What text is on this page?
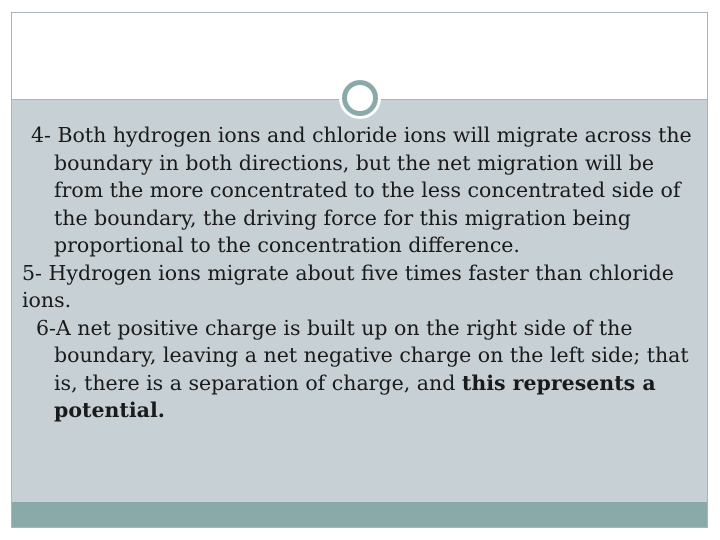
4- Both hydrogen ions and chloride ions will migrate across the boundary in both directions, but the net migration will be from the more concentrated to the less concentrated side of the boundary, the driving force for this migration being proportional to the concentration difference.

5- Hydrogen ions migrate about five times faster than chloride ions.

6-A net positive charge is built up on the right side of the boundary, leaving a net negative charge on the left side; that is, there is a separation of charge, and this represents a potential.
